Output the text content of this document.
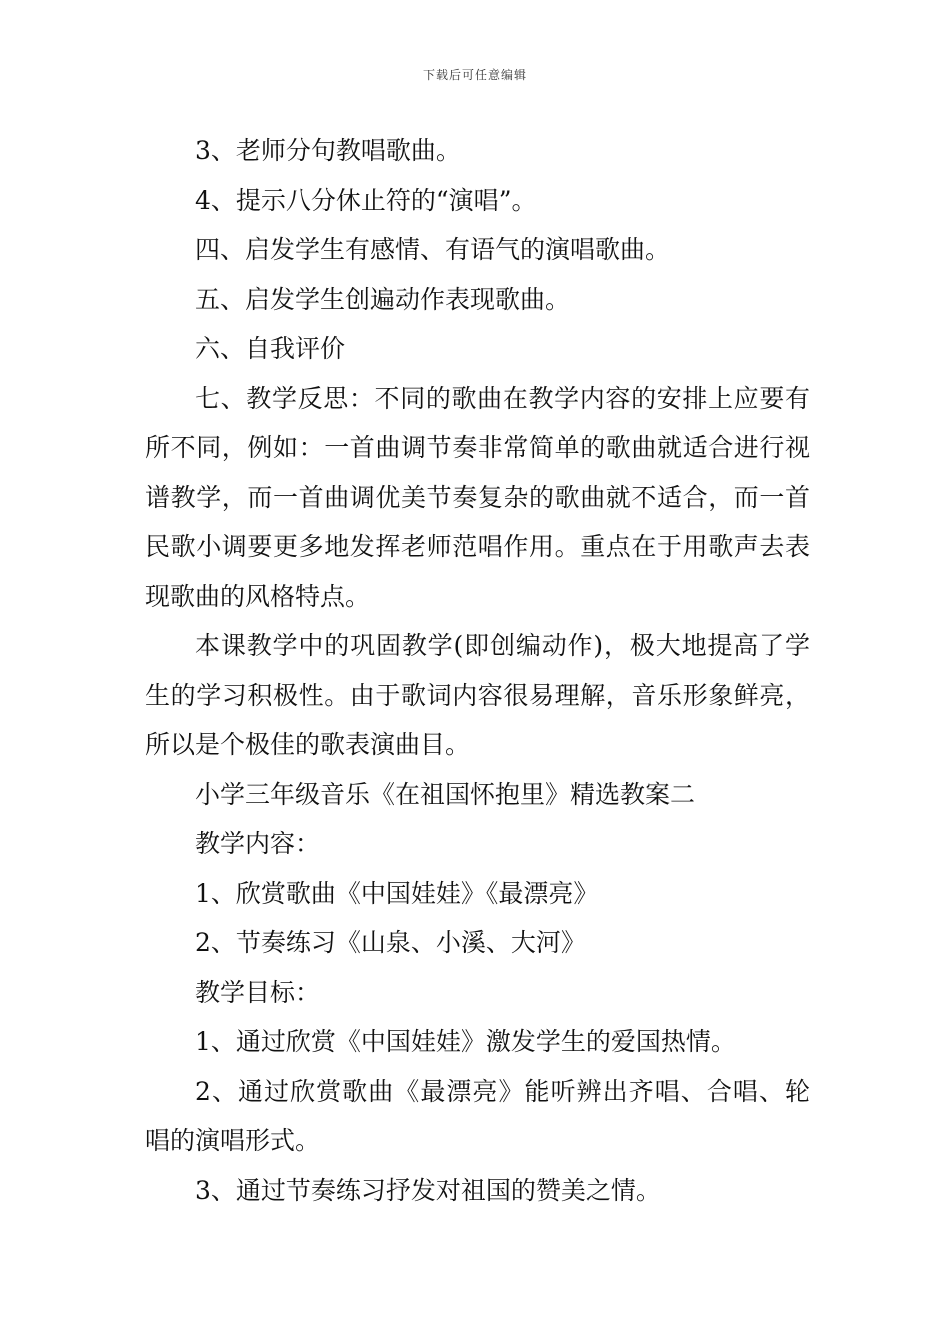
下载后可任意编辑

3、老师分句教唱歌曲。

4、提示八分休止符的“演唱”。

四、启发学生有感情、有语气的演唱歌曲。

五、启发学生创遍动作表现歌曲。

六、自我评价

七、教学反思：不同的歌曲在教学内容的安排上应要有所不同，例如：一首曲调节奏非常简单的歌曲就适合进行视谱教学，而一首曲调优美节奏复杂的歌曲就不适合，而一首民歌小调要更多地发挥老师范唱作用。重点在于用歌声去表现歌曲的风格特点。

本课教学中的巩固教学(即创编动作)，极大地提高了学生的学习积极性。由于歌词内容很易理解，音乐形象鲜亮，所以是个极佳的歌表演曲目。

小学三年级音乐《在祖国怀抱里》精选教案二

教学内容：

1、欣赏歌曲《中国娃娃》《最漂亮》

2、节奏练习《山泉、小溪、大河》

教学目标：

1、通过欣赏《中国娃娃》激发学生的爱国热情。

2、通过欣赏歌曲《最漂亮》能听辨出齐唱、合唱、轮唱的演唱形式。

3、通过节奏练习抒发对祖国的赞美之情。
